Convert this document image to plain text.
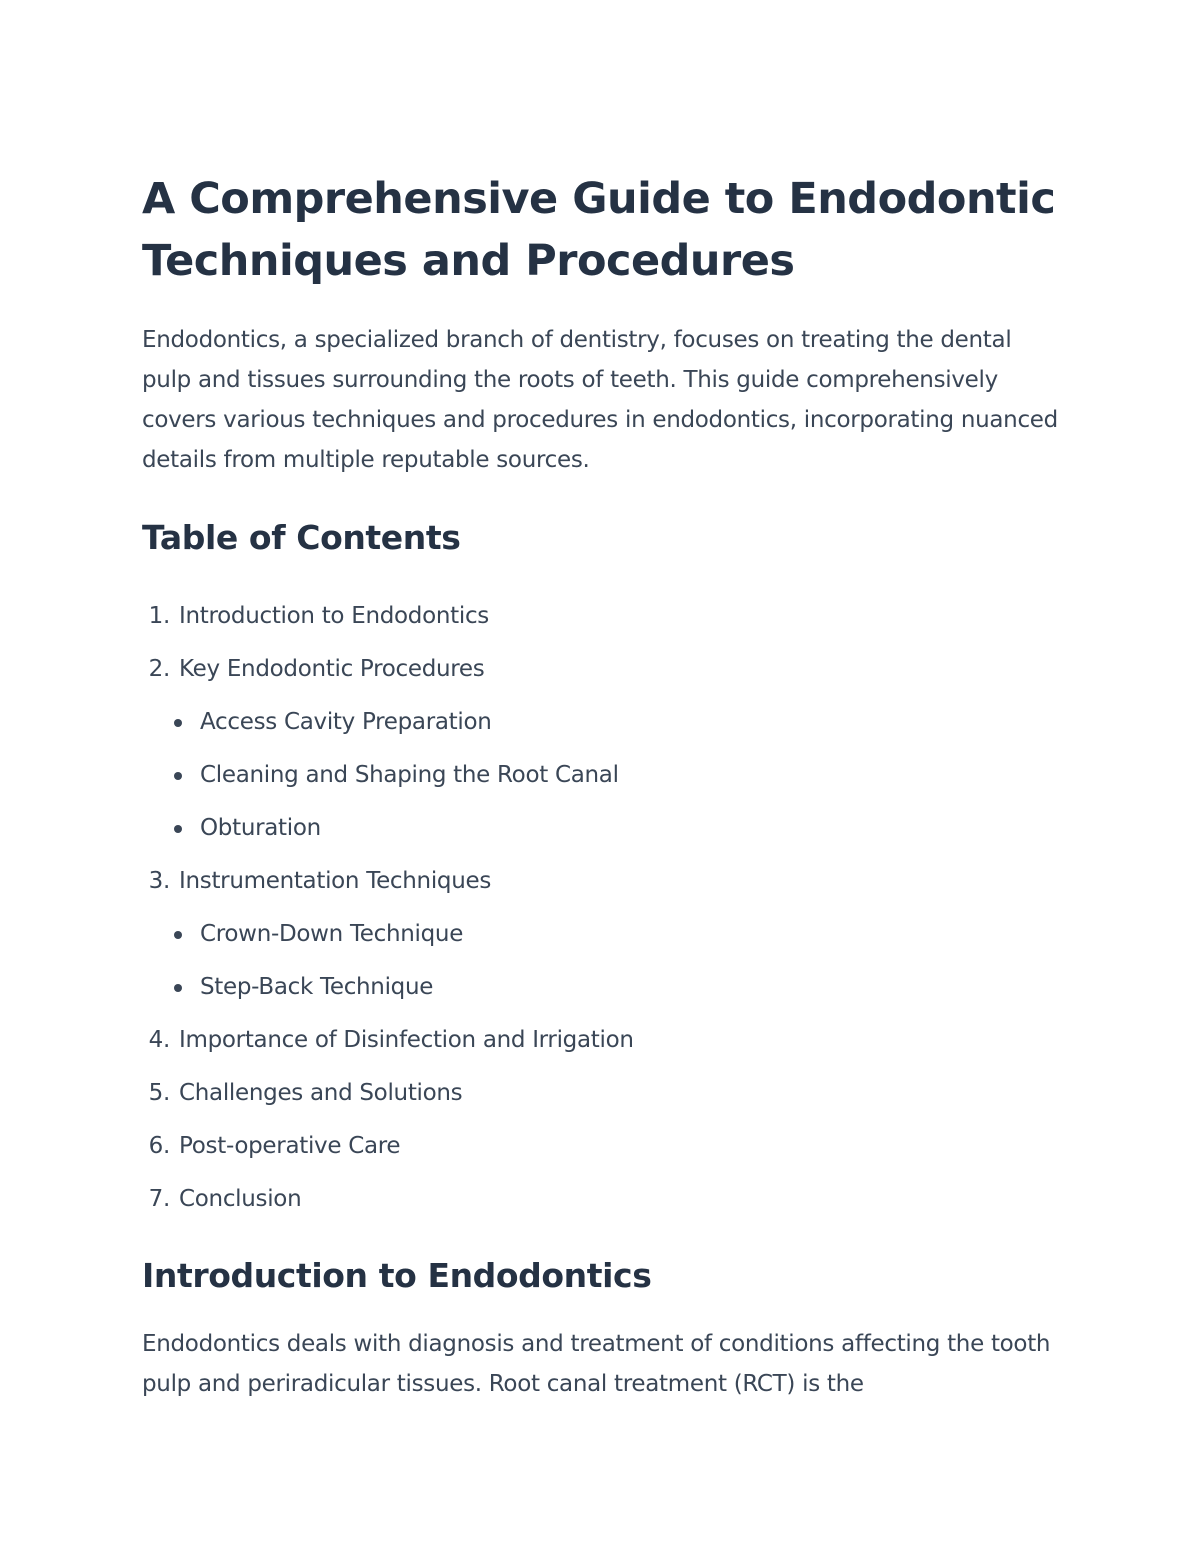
A Comprehensive Guide to Endodontic Techniques and Procedures

Endodontics, a specialized branch of dentistry, focuses on treating the dental pulp and tissues surrounding the roots of teeth. This guide comprehensively covers various techniques and procedures in endodontics, incorporating nuanced details from multiple reputable sources.

Table of Contents
1. Introduction to Endodontics
2. Key Endodontic Procedures
Access Cavity Preparation
Cleaning and Shaping the Root Canal
Obturation
3. Instrumentation Techniques
Crown-Down Technique
Step-Back Technique
4. Importance of Disinfection and Irrigation
5. Challenges and Solutions
6. Post-operative Care
7. Conclusion
Introduction to Endodontics

Endodontics deals with diagnosis and treatment of conditions affecting the tooth pulp and periradicular tissues. Root canal treatment (RCT) is the
